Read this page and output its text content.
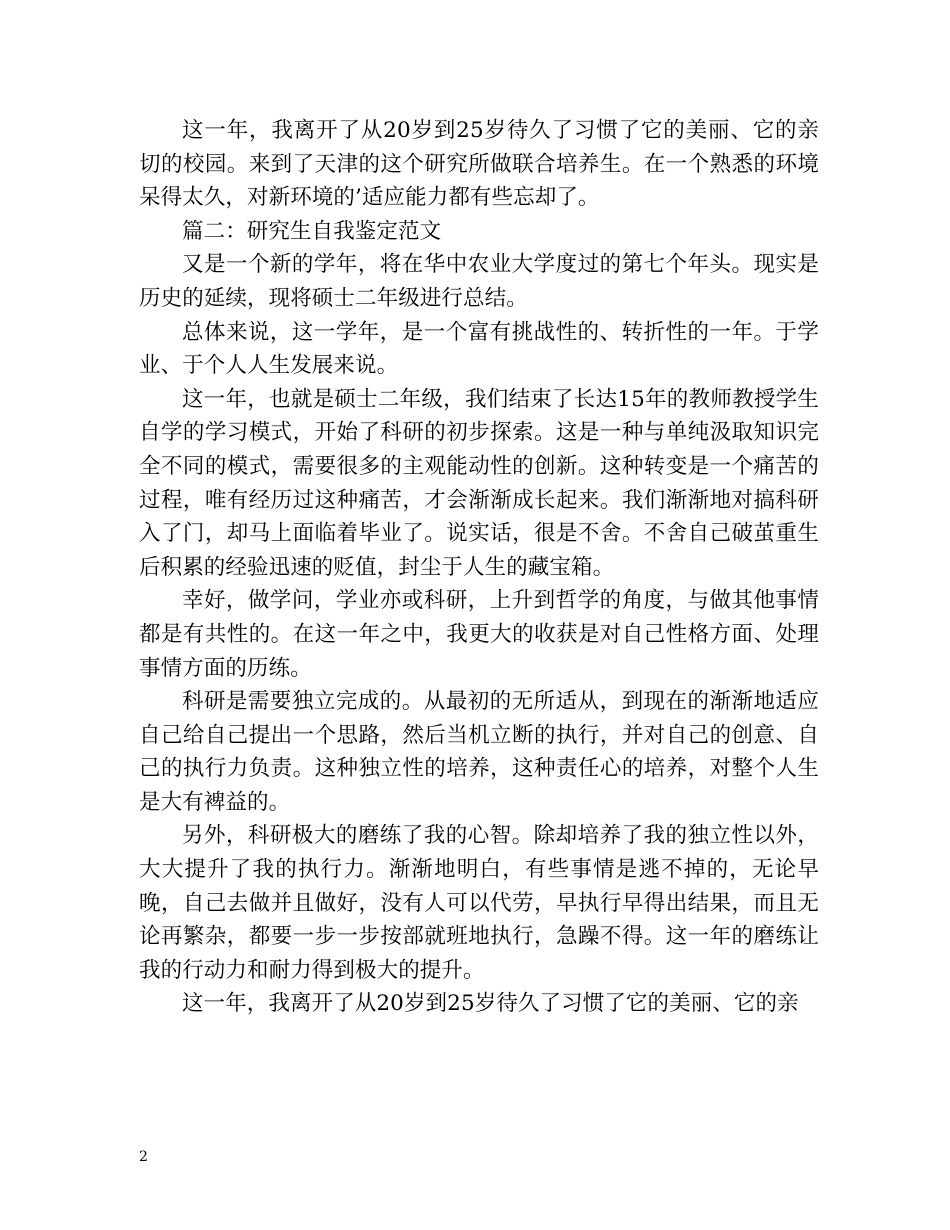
这一年，我离开了从20岁到25岁待久了习惯了它的美丽、它的亲切的校园。来到了天津的这个研究所做联合培养生。在一个熟悉的环境呆得太久，对新环境的’适应能力都有些忘却了。

篇二：研究生自我鉴定范文

又是一个新的学年，将在华中农业大学度过的第七个年头。现实是历史的延续，现将硕士二年级进行总结。

总体来说，这一学年，是一个富有挑战性的、转折性的一年。于学业、于个人人生发展来说。

这一年，也就是硕士二年级，我们结束了长达15年的教师教授学生自学的学习模式，开始了科研的初步探索。这是一种与单纯汲取知识完全不同的模式，需要很多的主观能动性的创新。这种转变是一个痛苦的过程，唯有经历过这种痛苦，才会渐渐成长起来。我们渐渐地对搞科研入了门，却马上面临着毕业了。说实话，很是不舍。不舍自己破茧重生后积累的经验迅速的贬值，封尘于人生的藏宝箱。

幸好，做学问，学业亦或科研，上升到哲学的角度，与做其他事情都是有共性的。在这一年之中，我更大的收获是对自己性格方面、处理事情方面的历练。

科研是需要独立完成的。从最初的无所适从，到现在的渐渐地适应自己给自己提出一个思路，然后当机立断的执行，并对自己的创意、自己的执行力负责。这种独立性的培养，这种责任心的培养，对整个人生是大有裨益的。

另外，科研极大的磨练了我的心智。除却培养了我的独立性以外，大大提升了我的执行力。渐渐地明白，有些事情是逃不掉的，无论早晚，自己去做并且做好，没有人可以代劳，早执行早得出结果，而且无论再繁杂，都要一步一步按部就班地执行，急躁不得。这一年的磨练让我的行动力和耐力得到极大的提升。

这一年，我离开了从20岁到25岁待久了习惯了它的美丽、它的亲

2
